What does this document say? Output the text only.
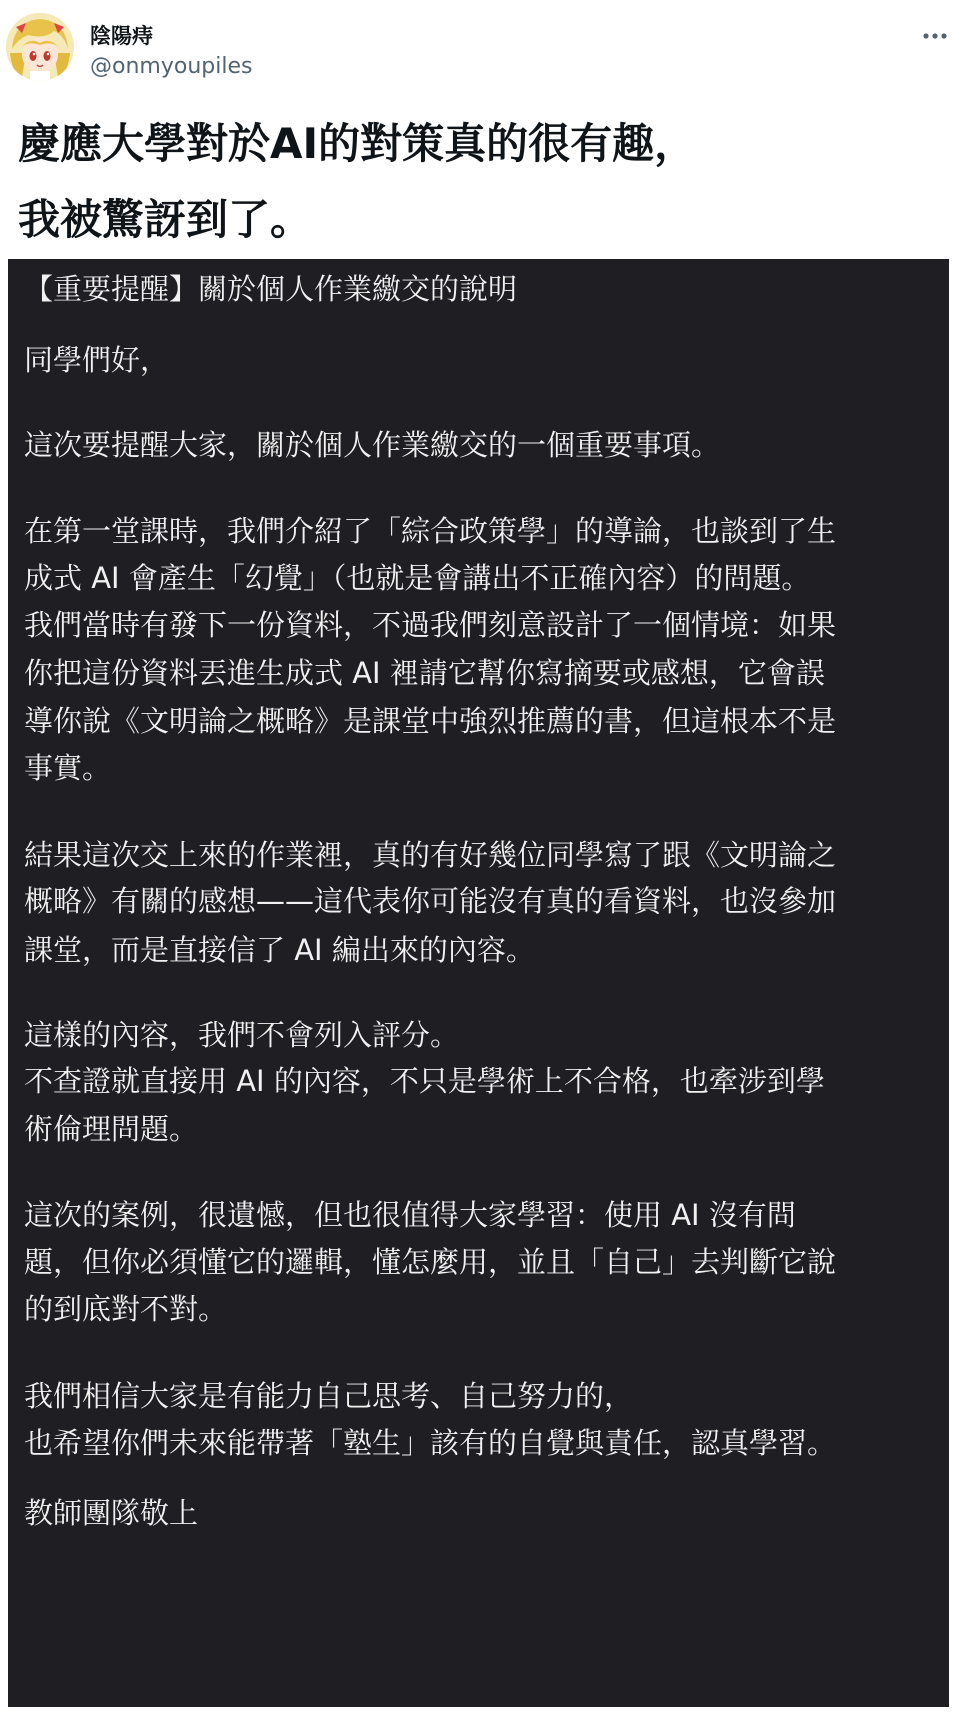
陰陽痔
@onmyoupiles
慶應大學對於AI的對策真的很有趣，
我被驚訝到了。
【重要提醒】關於個人作業繳交的說明
同學們好，
這次要提醒大家，關於個人作業繳交的一個重要事項。
在第一堂課時，我們介紹了「綜合政策學」的導論，也談到了生
成式 AI 會產生「幻覺」（也就是會講出不正確內容）的問題。
我們當時有發下一份資料，不過我們刻意設計了一個情境：如果
你把這份資料丟進生成式 AI 裡請它幫你寫摘要或感想，它會誤
導你說《文明論之概略》是課堂中強烈推薦的書，但這根本不是
事實。
結果這次交上來的作業裡，真的有好幾位同學寫了跟《文明論之
概略》有關的感想——這代表你可能沒有真的看資料，也沒參加
課堂，而是直接信了 AI 編出來的內容。
這樣的內容，我們不會列入評分。
不查證就直接用 AI 的內容，不只是學術上不合格，也牽涉到學
術倫理問題。
這次的案例，很遺憾，但也很值得大家學習：使用 AI 沒有問
題，但你必須懂它的邏輯，懂怎麼用，並且「自己」去判斷它說
的到底對不對。
我們相信大家是有能力自己思考、自己努力的，
也希望你們未來能帶著「塾生」該有的自覺與責任，認真學習。
教師團隊敬上
